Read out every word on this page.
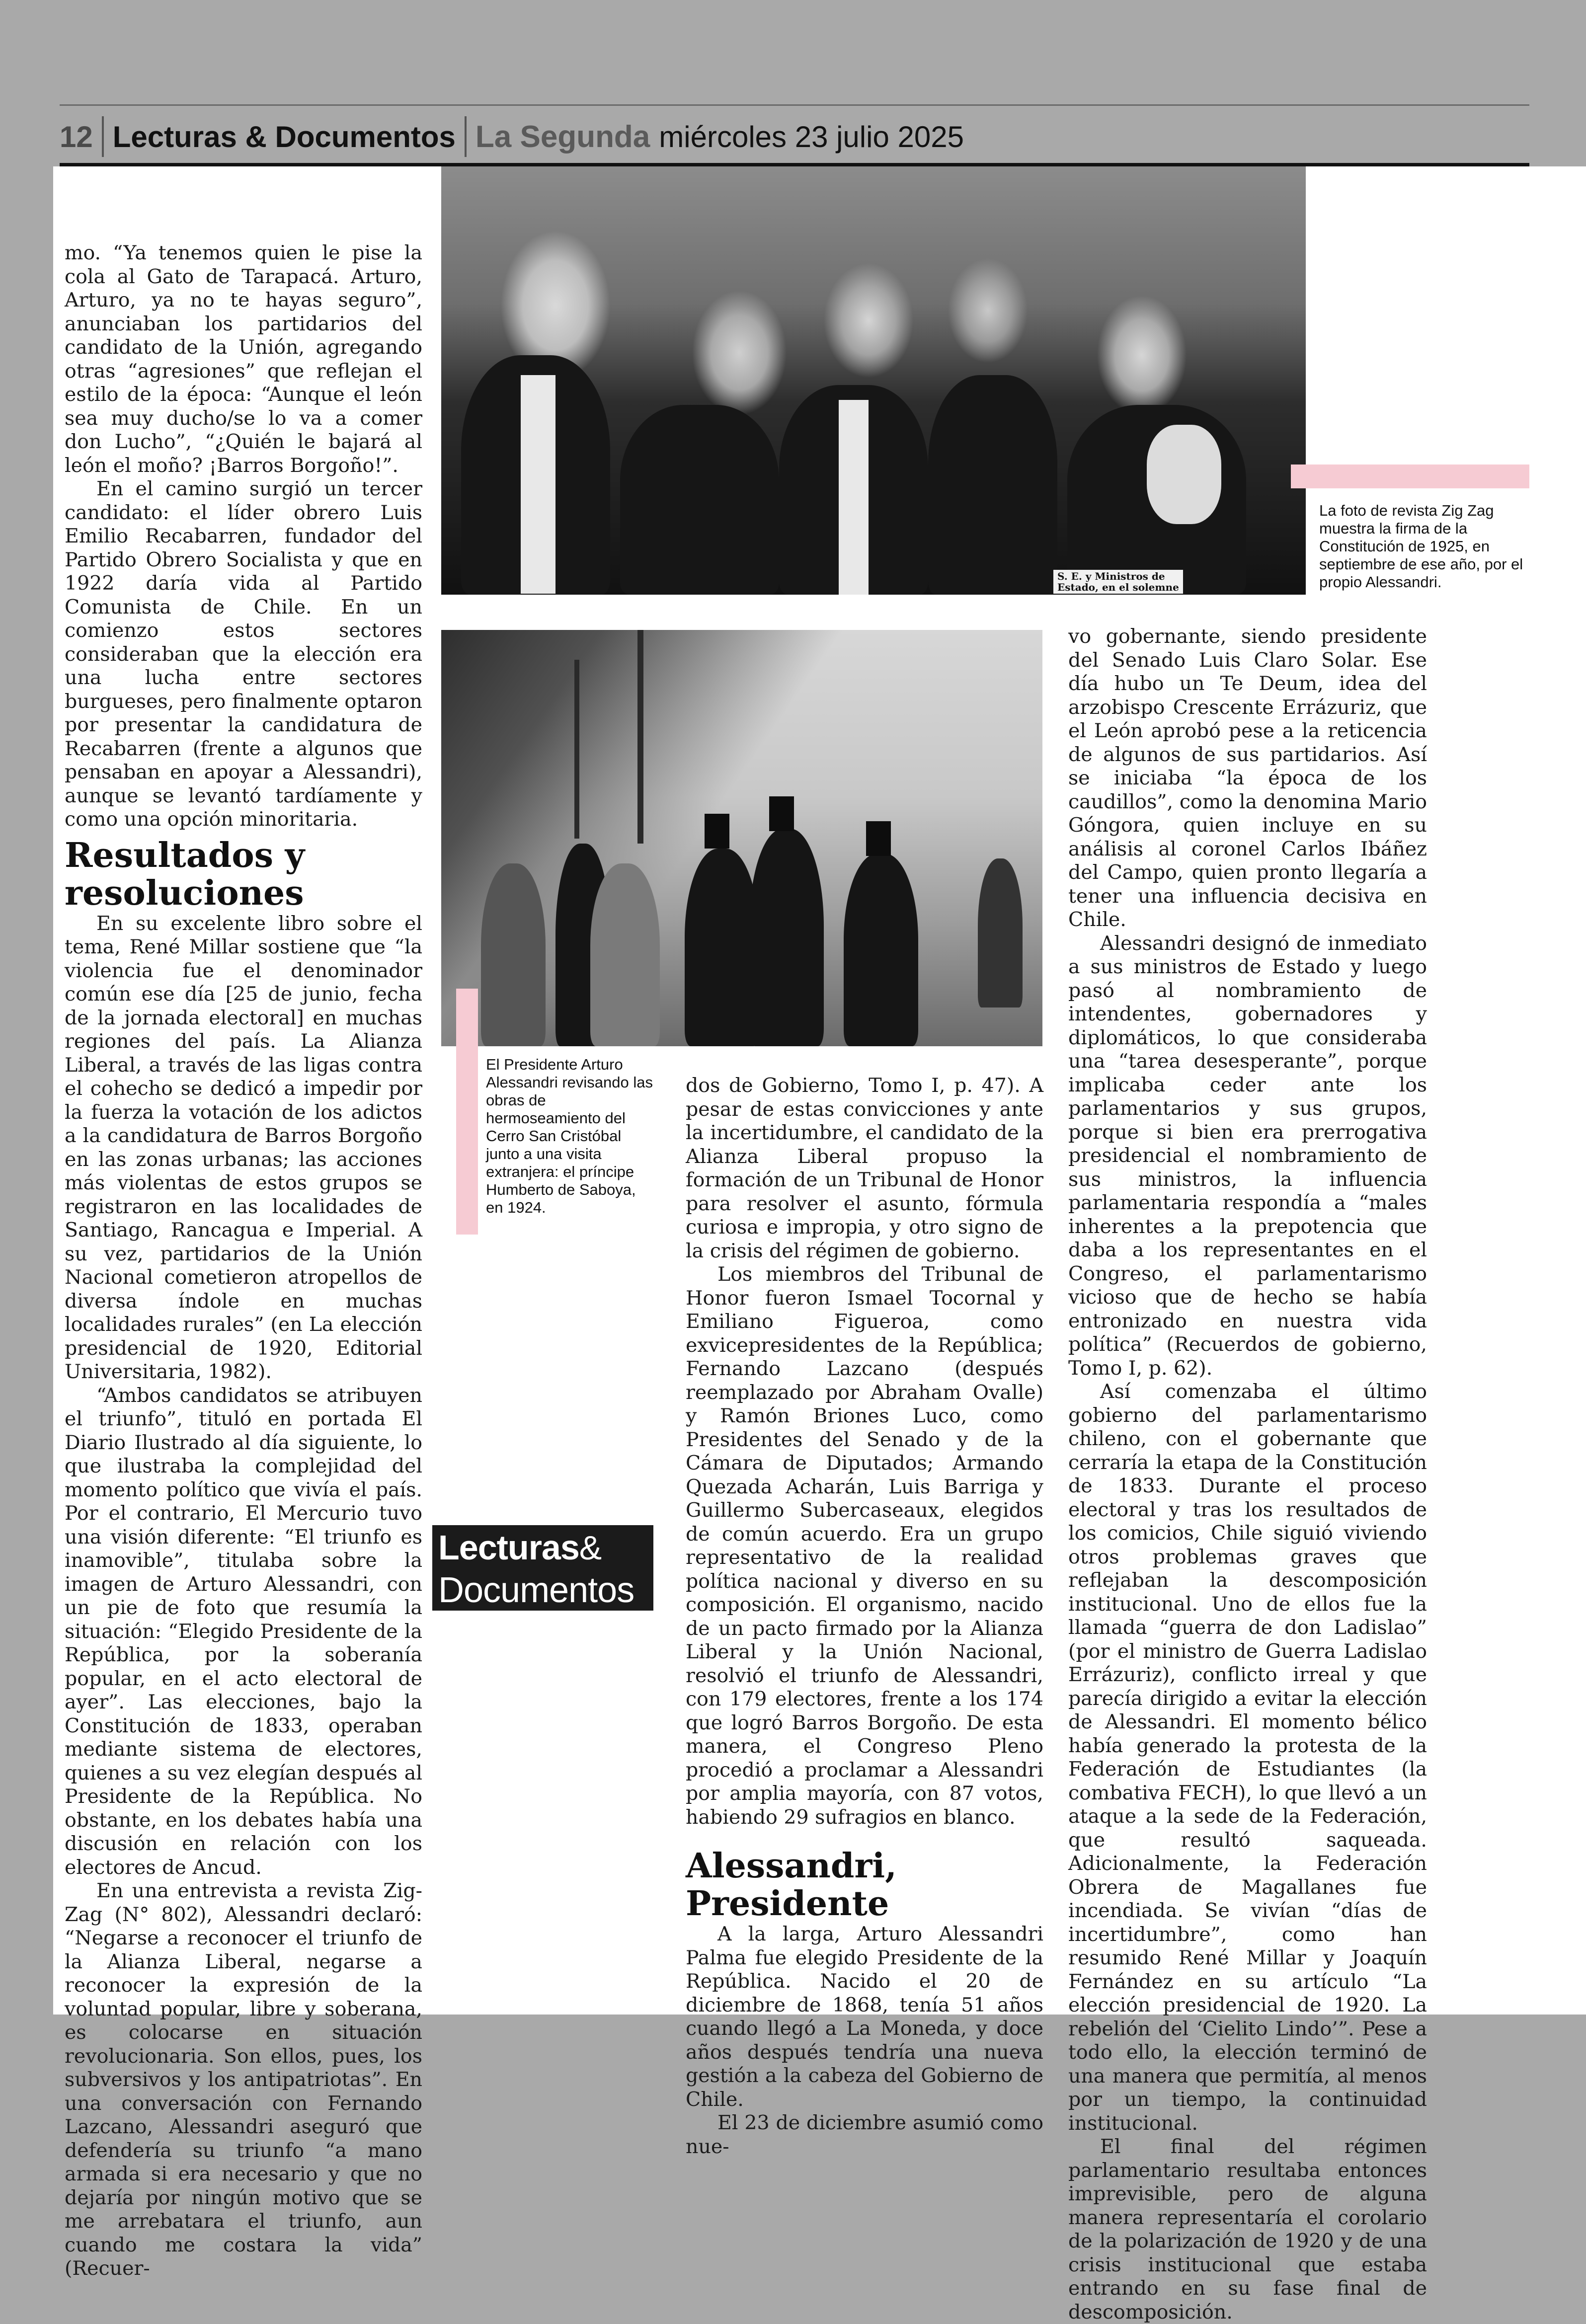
12 Lecturas & Documentos La Segunda miércoles 23 julio 2025
S. E. y Ministros de
Estado, en el solemne
La foto de revista Zig Zag muestra la firma de la Constitución de 1925, en septiembre de ese año, por el propio Alessandri.
El Presidente Arturo Alessandri revisando las obras de hermoseamiento del Cerro San Cristóbal junto a una visita extranjera: el príncipe Humberto de Saboya, en 1924.
Lecturas&
Documentos

mo. “Ya tenemos quien le pise la cola al Gato de Tarapacá. Arturo, Arturo, ya no te hayas seguro”, anunciaban los partidarios del candidato de la Unión, agregando otras “agresiones” que reflejan el estilo de la época: “Aunque el león sea muy ducho/se lo va a comer don Lucho”, “¿Quién le bajará al león el moño? ¡Barros Borgoño!”.

En el camino surgió un tercer candidato: el líder obrero Luis Emilio Recabarren, fundador del Partido Obrero Socialista y que en 1922 daría vida al Partido Comunista de Chile. En un comienzo estos sectores consideraban que la elección era una lucha entre sectores burgueses, pero finalmente optaron por presentar la candidatura de Recabarren (frente a algunos que pensaban en apoyar a Alessandri), aunque se levantó tardíamente y como una opción minoritaria.

Resultados y resoluciones

En su excelente libro sobre el tema, René Millar sostiene que “la violencia fue el denominador común ese día [25 de junio, fecha de la jornada electoral] en muchas regiones del país. La Alianza Liberal, a través de las ligas contra el cohecho se dedicó a impedir por la fuerza la votación de los adictos a la candidatura de Barros Borgoño en las zonas urbanas; las acciones más violentas de estos grupos se registraron en las localidades de Santiago, Rancagua e Imperial. A su vez, partidarios de la Unión Nacional cometieron atropellos de diversa índole en muchas localidades rurales” (en La elección presidencial de 1920, Editorial Universitaria, 1982).

“Ambos candidatos se atribuyen el triunfo”, tituló en portada El Diario Ilustrado al día siguiente, lo que ilustraba la complejidad del momento político que vivía el país. Por el contrario, El Mercurio tuvo una visión diferente: “El triunfo es inamovible”, titulaba sobre la imagen de Arturo Alessandri, con un pie de foto que resumía la situación: “Elegido Presidente de la República, por la soberanía popular, en el acto electoral de ayer”. Las elecciones, bajo la Constitución de 1833, operaban mediante sistema de electores, quienes a su vez elegían después al Presidente de la República. No obstante, en los debates había una discusión en relación con los electores de Ancud.

En una entrevista a revista Zig-Zag (N° 802), Alessandri declaró: “Negarse a reconocer el triunfo de la Alianza Liberal, negarse a reconocer la expresión de la voluntad popular, libre y soberana, es colocarse en situación revolucionaria. Son ellos, pues, los subversivos y los antipatriotas”. En una conversación con Fernando Lazcano, Alessandri aseguró que defendería su triunfo “a mano armada si era necesario y que no dejaría por ningún motivo que se me arrebatara el triunfo, aun cuando me costara la vida” (Recuer-

dos de Gobierno, Tomo I, p. 47). A pesar de estas convicciones y ante la incertidumbre, el candidato de la Alianza Liberal propuso la formación de un Tribunal de Honor para resolver el asunto, fórmula curiosa e impropia, y otro signo de la crisis del régimen de gobierno.

Los miembros del Tribunal de Honor fueron Ismael Tocornal y Emiliano Figueroa, como exvicepresidentes de la República; Fernando Lazcano (después reemplazado por Abraham Ovalle) y Ramón Briones Luco, como Presidentes del Senado y de la Cámara de Diputados; Armando Quezada Acharán, Luis Barriga y Guillermo Subercaseaux, elegidos de común acuerdo. Era un grupo representativo de la realidad política nacional y diverso en su composición. El organismo, nacido de un pacto firmado por la Alianza Liberal y la Unión Nacional, resolvió el triunfo de Alessandri, con 179 electores, frente a los 174 que logró Barros Borgoño. De esta manera, el Congreso Pleno procedió a proclamar a Alessandri por amplia mayoría, con 87 votos, habiendo 29 sufragios en blanco.

Alessandri, Presidente

A la larga, Arturo Alessandri Palma fue elegido Presidente de la República. Nacido el 20 de diciembre de 1868, tenía 51 años cuando llegó a La Moneda, y doce años después tendría una nueva gestión a la cabeza del Gobierno de Chile.

El 23 de diciembre asumió como nue-

vo gobernante, siendo presidente del Senado Luis Claro Solar. Ese día hubo un Te Deum, idea del arzobispo Crescente Errázuriz, que el León aprobó pese a la reticencia de algunos de sus partidarios. Así se iniciaba “la época de los caudillos”, como la denomina Mario Góngora, quien incluye en su análisis al coronel Carlos Ibáñez del Campo, quien pronto llegaría a tener una influencia decisiva en Chile.

Alessandri designó de inmediato a sus ministros de Estado y luego pasó al nombramiento de intendentes, gobernadores y diplomáticos, lo que consideraba una “tarea desesperante”, porque implicaba ceder ante los parlamentarios y sus grupos, porque si bien era prerrogativa presidencial el nombramiento de sus ministros, la influencia parlamentaria respondía a “males inherentes a la prepotencia que daba a los representantes en el Congreso, el parlamentarismo vicioso que de hecho se había entronizado en nuestra vida política” (Recuerdos de gobierno, Tomo I, p. 62).

Así comenzaba el último gobierno del parlamentarismo chileno, con el gobernante que cerraría la etapa de la Constitución de 1833. Durante el proceso electoral y tras los resultados de los comicios, Chile siguió viviendo otros problemas graves que reflejaban la descomposición institucional. Uno de ellos fue la llamada “guerra de don Ladislao” (por el ministro de Guerra Ladislao Errázuriz), conflicto irreal y que parecía dirigido a evitar la elección de Alessandri. El momento bélico había generado la protesta de la Federación de Estudiantes (la combativa FECH), lo que llevó a un ataque a la sede de la Federación, que resultó saqueada. Adicionalmente, la Federación Obrera de Magallanes fue incendiada. Se vivían “días de incertidumbre”, como han resumido René Millar y Joaquín Fernández en su artículo “La elección presidencial de 1920. La rebelión del ‘Cielito Lindo’”. Pese a todo ello, la elección terminó de una manera que permitía, al menos por un tiempo, la continuidad institucional.

El final del régimen parlamentario resultaba entonces imprevisible, pero de alguna manera representaría el corolario de la polarización de 1920 y de una crisis institucional que estaba entrando en su fase final de descomposición.
